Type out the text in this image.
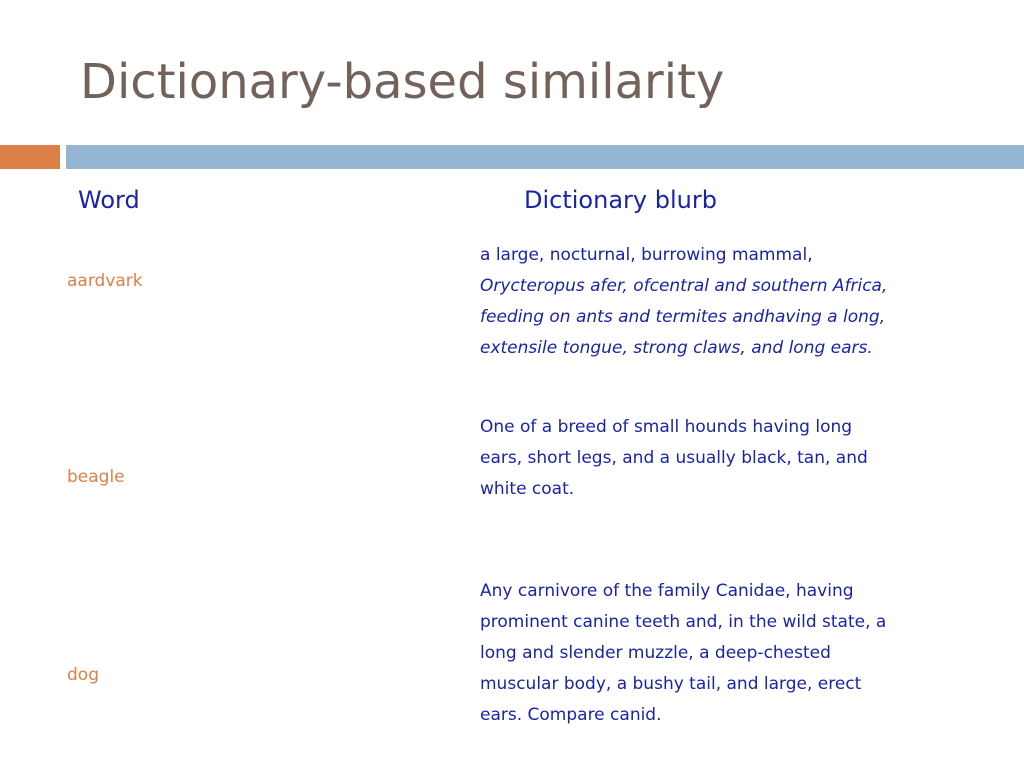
Dictionary-based similarity
Word	Dictionary blurb
aardvark

a large, nocturnal, burrowing mammal,
Orycteropus afer, ofcentral and southern Africa,
feeding on ants and termites andhaving a long,
extensile tongue, strong claws, and long ears.

beagle

One of a breed of small hounds having long
ears, short legs, and a usually black, tan, and
white coat.

dog

Any carnivore of the family Canidae, having
prominent canine teeth and, in the wild state, a
long and slender muzzle, a deep-chested
muscular body, a bushy tail, and large, erect
ears. Compare canid.
